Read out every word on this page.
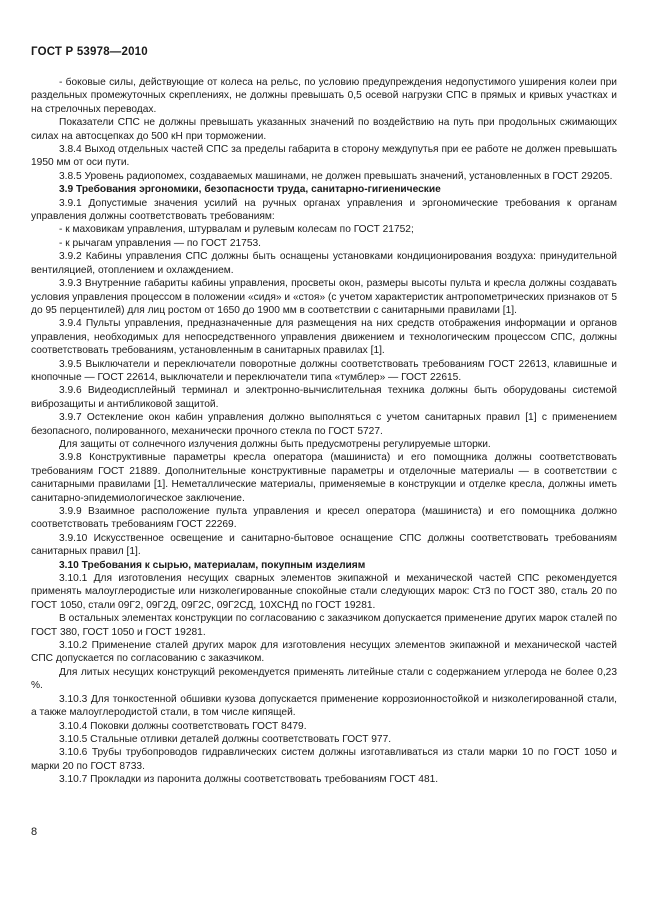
ГОСТ Р 53978—2010

- боковые силы, действующие от колеса на рельс, по условию предупреждения недопустимого уширения колеи при раздельных промежуточных скреплениях, не должны превышать 0,5 осевой нагрузки СПС в прямых и кривых участках и на стрелочных переводах.

Показатели СПС не должны превышать указанных значений по воздействию на путь при продольных сжимающих силах на автосцепках до 500 кН при торможении.

3.8.4 Выход отдельных частей СПС за пределы габарита в сторону междупутья при ее работе не должен превышать 1950 мм от оси пути.

3.8.5 Уровень радиопомех, создаваемых машинами, не должен превышать значений, установленных в ГОСТ 29205.

3.9 Требования эргономики, безопасности труда, санитарно-гигиенические

3.9.1 Допустимые значения усилий на ручных органах управления и эргономические требования к органам управления должны соответствовать требованиям:

- к маховикам управления, штурвалам и рулевым колесам по ГОСТ 21752;

- к рычагам управления — по ГОСТ 21753.

3.9.2 Кабины управления СПС должны быть оснащены установками кондиционирования воздуха: принудительной вентиляцией, отоплением и охлаждением.

3.9.3 Внутренние габариты кабины управления, просветы окон, размеры высоты пульта и кресла должны создавать условия управления процессом в положении «сидя» и «стоя» (с учетом характеристик антропометрических признаков от 5 до 95 перцентилей) для лиц ростом от 1650 до 1900 мм в соответствии с санитарными правилами [1].

3.9.4 Пульты управления, предназначенные для размещения на них средств отображения информации и органов управления, необходимых для непосредственного управления движением и технологическим процессом СПС, должны соответствовать требованиям, установленным в санитарных правилах [1].

3.9.5 Выключатели и переключатели поворотные должны соответствовать требованиям ГОСТ 22613, клавишные и кнопочные — ГОСТ 22614, выключатели и переключатели типа «тумблер» — ГОСТ 22615.

3.9.6 Видеодисплейный терминал и электронно-вычислительная техника должны быть оборудованы системой виброзащиты и антибликовой защитой.

3.9.7 Остекление окон кабин управления должно выполняться с учетом санитарных правил [1] с применением безопасного, полированного, механически прочного стекла по ГОСТ 5727.

Для защиты от солнечного излучения должны быть предусмотрены регулируемые шторки.

3.9.8 Конструктивные параметры кресла оператора (машиниста) и его помощника должны соответствовать требованиям ГОСТ 21889. Дополнительные конструктивные параметры и отделочные материалы — в соответствии с санитарными правилами [1]. Неметаллические материалы, применяемые в конструкции и отделке кресла, должны иметь санитарно-эпидемиологическое заключение.

3.9.9 Взаимное расположение пульта управления и кресел оператора (машиниста) и его помощника должно соответствовать требованиям ГОСТ 22269.

3.9.10 Искусственное освещение и санитарно-бытовое оснащение СПС должны соответствовать требованиям санитарных правил [1].

3.10 Требования к сырью, материалам, покупным изделиям

3.10.1 Для изготовления несущих сварных элементов экипажной и механической частей СПС рекомендуется применять малоуглеродистые или низколегированные спокойные стали следующих марок: Ст3 по ГОСТ 380, сталь 20 по ГОСТ 1050, стали 09Г2, 09Г2Д, 09Г2С, 09Г2СД, 10ХСНД по ГОСТ 19281.

В остальных элементах конструкции по согласованию с заказчиком допускается применение других марок сталей по ГОСТ 380, ГОСТ 1050 и ГОСТ 19281.

3.10.2 Применение сталей других марок для изготовления несущих элементов экипажной и механической частей СПС допускается по согласованию с заказчиком.

Для литых несущих конструкций рекомендуется применять литейные стали с содержанием углерода не более 0,23 %.

3.10.3 Для тонкостенной обшивки кузова допускается применение коррозионностойкой и низколегированной стали, а также малоуглеродистой стали, в том числе кипящей.

3.10.4 Поковки должны соответствовать ГОСТ 8479.

3.10.5 Стальные отливки деталей должны соответствовать ГОСТ 977.

3.10.6 Трубы трубопроводов гидравлических систем должны изготавливаться из стали марки 10 по ГОСТ 1050 и марки 20 по ГОСТ 8733.

3.10.7 Прокладки из паронита должны соответствовать требованиям ГОСТ 481.

8
